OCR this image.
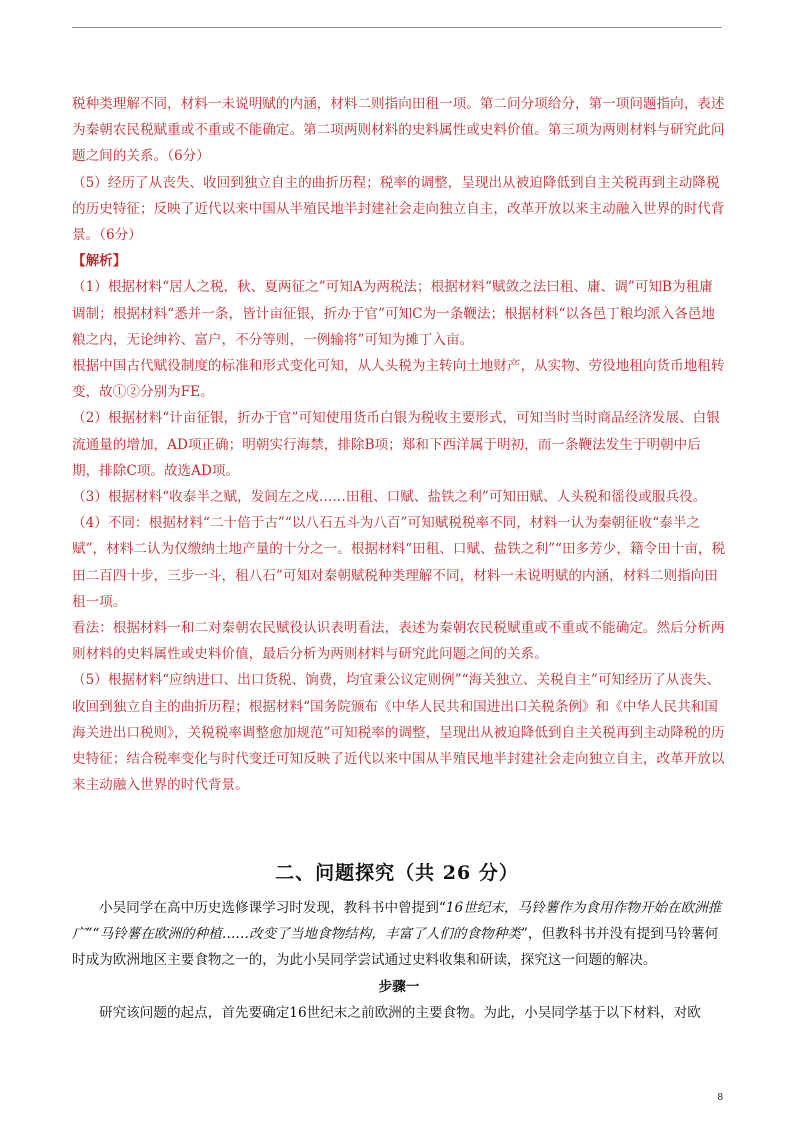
税种类理解不同，材料一未说明赋的内涵，材料二则指向田租一项。第二问分项给分，第一项问题指向，表述为秦朝农民税赋重或不重或不能确定。第二项两则材料的史料属性或史料价值。第三项为两则材料与研究此问题之间的关系。（6分）

（5）经历了从丧失、收回到独立自主的曲折历程；税率的调整，呈现出从被迫降低到自主关税再到主动降税的历史特征；反映了近代以来中国从半殖民地半封建社会走向独立自主，改革开放以来主动融入世界的时代背景。（6分）

【解析】

（1）根据材料“居人之税，秋、夏两征之”可知A为两税法；根据材料“赋敛之法曰租、庸、调”可知B为租庸调制；根据材料“悉并一条，皆计亩征银，折办于官”可知C为一条鞭法；根据材料“以各邑丁粮均派入各邑地粮之内，无论绅衿、富户，不分等则，一例输将”可知为摊丁入亩。

根据中国古代赋役制度的标准和形式变化可知，从人头税为主转向土地财产，从实物、劳役地租向货币地租转变，故①②分别为FE。

（2）根据材料“计亩征银，折办于官”可知使用货币白银为税收主要形式，可知当时当时商品经济发展、白银流通量的增加，AD项正确；明朝实行海禁，排除B项；郑和下西洋属于明初，而一条鞭法发生于明朝中后期，排除C项。故选AD项。

（3）根据材料“收泰半之赋，发闾左之戍……田租、口赋、盐铁之利”可知田赋、人头税和徭役或服兵役。

（4）不同：根据材料“二十倍于古”“以八石五斗为八百”可知赋税税率不同，材料一认为秦朝征收“泰半之赋”，材料二认为仅缴纳土地产量的十分之一。根据材料“田租、口赋、盐铁之利”“田多芳少，籍令田十亩，税田二百四十步，三步一斗，租八石”可知对秦朝赋税种类理解不同，材料一未说明赋的内涵，材料二则指向田租一项。

看法：根据材料一和二对秦朝农民赋役认识表明看法，表述为秦朝农民税赋重或不重或不能确定。然后分析两则材料的史料属性或史料价值，最后分析为两则材料与研究此问题之间的关系。

（5）根据材料“应纳进口、出口货税、饷费，均宜秉公议定则例”“海关独立、关税自主”可知经历了从丧失、收回到独立自主的曲折历程；根据材料“国务院颁布《中华人民共和国进出口关税条例》和《中华人民共和国海关进出口税则》，关税税率调整愈加规范”可知税率的调整，呈现出从被迫降低到自主关税再到主动降税的历史特征；结合税率变化与时代变迁可知反映了近代以来中国从半殖民地半封建社会走向独立自主，改革开放以来主动融入世界的时代背景。

二、问题探究（共 26 分）

小吴同学在高中历史选修课学习时发现，教科书中曾提到“16世纪末，马铃薯作为食用作物开始在欧洲推广”“马铃薯在欧洲的种植……改变了当地食物结构，丰富了人们的食物种类”，但教科书并没有提到马铃薯何时成为欧洲地区主要食物之一的，为此小吴同学尝试通过史料收集和研读，探究这一问题的解决。

步骤一

研究该问题的起点，首先要确定16世纪末之前欧洲的主要食物。为此，小吴同学基于以下材料，对欧

8
